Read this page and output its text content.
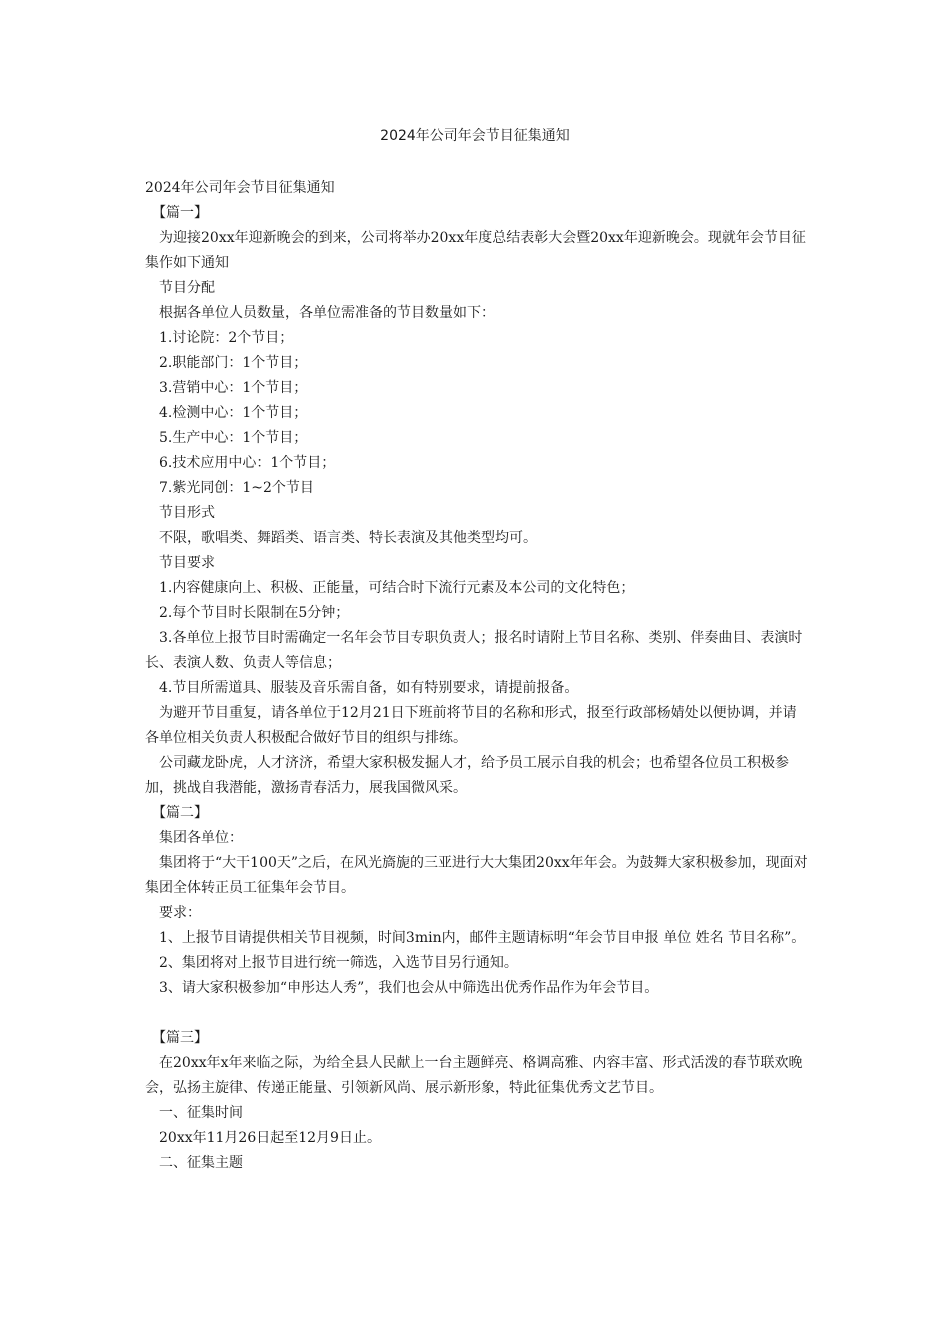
2024年公司年会节目征集通知

2024年公司年会节目征集通知

　【篇一】

　为迎接20xx年迎新晚会的到来，公司将举办20xx年度总结表彰大会暨20xx年迎新晚会。现就年会节目征集作如下通知

　节目分配

　根据各单位人员数量，各单位需准备的节目数量如下：

　1.讨论院：2个节目；

　2.职能部门：1个节目；

　3.营销中心：1个节目；

　4.检测中心：1个节目；

　5.生产中心：1个节目；

　6.技术应用中心：1个节目；

　7.紫光同创：1~2个节目

　节目形式

　不限，歌唱类、舞蹈类、语言类、特长表演及其他类型均可。

　节目要求

　1.内容健康向上、积极、正能量，可结合时下流行元素及本公司的文化特色；

　2.每个节目时长限制在5分钟；

　3.各单位上报节目时需确定一名年会节目专职负责人；报名时请附上节目名称、类别、伴奏曲目、表演时长、表演人数、负责人等信息；

　4.节目所需道具、服装及音乐需自备，如有特别要求，请提前报备。

　为避开节目重复，请各单位于12月21日下班前将节目的名称和形式，报至行政部杨婧处以便协调，并请各单位相关负责人积极配合做好节目的组织与排练。

　公司藏龙卧虎，人才济济，希望大家积极发掘人才，给予员工展示自我的机会；也希望各位员工积极参加，挑战自我潜能，激扬青春活力，展我国微风采。

　【篇二】

　集团各单位：

　集团将于“大干100天”之后，在风光旖旎的三亚进行大大集团20xx年年会。为鼓舞大家积极参加，现面对集团全体转正员工征集年会节目。

　要求：

　1、上报节目请提供相关节目视频，时间3min内，邮件主题请标明“年会节目申报 单位 姓名 节目名称”。

　2、集团将对上报节目进行统一筛选，入选节目另行通知。

　3、请大家积极参加“申彤达人秀”，我们也会从中筛选出优秀作品作为年会节目。

　【篇三】

　在20xx年x年来临之际，为给全县人民献上一台主题鲜亮、格调高雅、内容丰富、形式活泼的春节联欢晚会，弘扬主旋律、传递正能量、引领新风尚、展示新形象，特此征集优秀文艺节目。

　一、征集时间

　20xx年11月26日起至12月9日止。

　二、征集主题
